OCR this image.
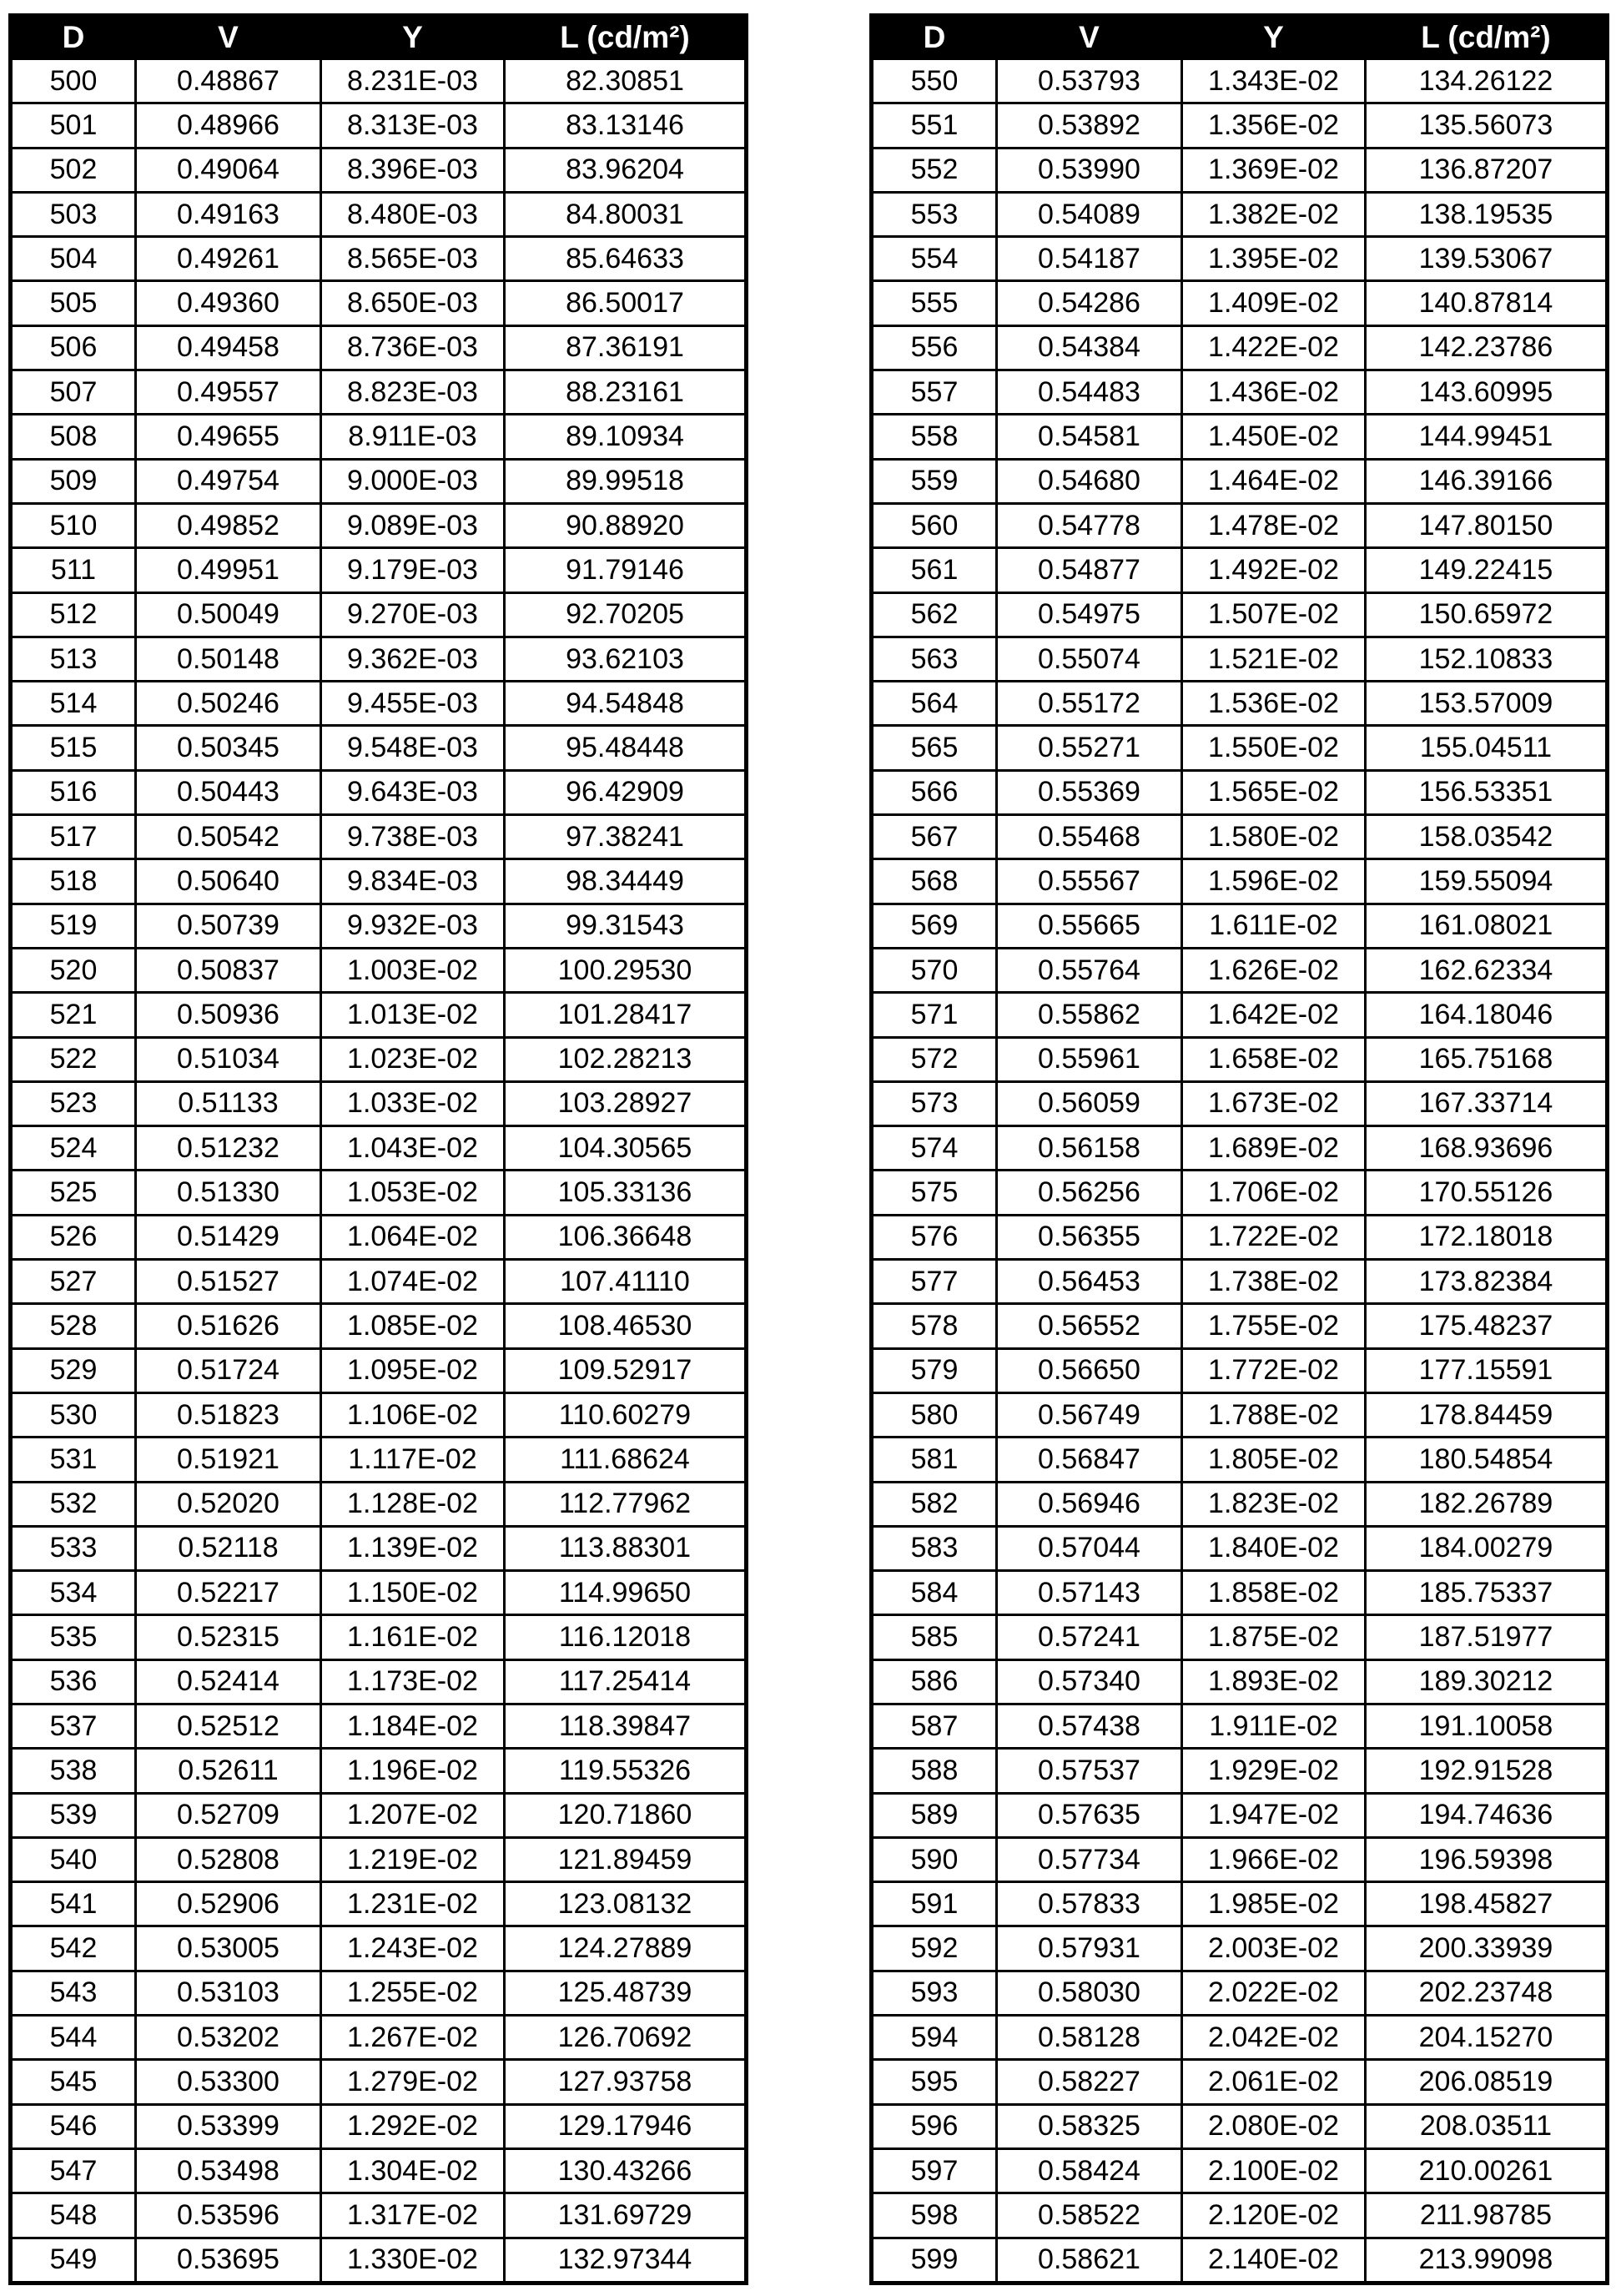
D	V	Y	L (cd/m²)
500	0.48867	8.231E-03	82.30851
501	0.48966	8.313E-03	83.13146
502	0.49064	8.396E-03	83.96204
503	0.49163	8.480E-03	84.80031
504	0.49261	8.565E-03	85.64633
505	0.49360	8.650E-03	86.50017
506	0.49458	8.736E-03	87.36191
507	0.49557	8.823E-03	88.23161
508	0.49655	8.911E-03	89.10934
509	0.49754	9.000E-03	89.99518
510	0.49852	9.089E-03	90.88920
511	0.49951	9.179E-03	91.79146
512	0.50049	9.270E-03	92.70205
513	0.50148	9.362E-03	93.62103
514	0.50246	9.455E-03	94.54848
515	0.50345	9.548E-03	95.48448
516	0.50443	9.643E-03	96.42909
517	0.50542	9.738E-03	97.38241
518	0.50640	9.834E-03	98.34449
519	0.50739	9.932E-03	99.31543
520	0.50837	1.003E-02	100.29530
521	0.50936	1.013E-02	101.28417
522	0.51034	1.023E-02	102.28213
523	0.51133	1.033E-02	103.28927
524	0.51232	1.043E-02	104.30565
525	0.51330	1.053E-02	105.33136
526	0.51429	1.064E-02	106.36648
527	0.51527	1.074E-02	107.41110
528	0.51626	1.085E-02	108.46530
529	0.51724	1.095E-02	109.52917
530	0.51823	1.106E-02	110.60279
531	0.51921	1.117E-02	111.68624
532	0.52020	1.128E-02	112.77962
533	0.52118	1.139E-02	113.88301
534	0.52217	1.150E-02	114.99650
535	0.52315	1.161E-02	116.12018
536	0.52414	1.173E-02	117.25414
537	0.52512	1.184E-02	118.39847
538	0.52611	1.196E-02	119.55326
539	0.52709	1.207E-02	120.71860
540	0.52808	1.219E-02	121.89459
541	0.52906	1.231E-02	123.08132
542	0.53005	1.243E-02	124.27889
543	0.53103	1.255E-02	125.48739
544	0.53202	1.267E-02	126.70692
545	0.53300	1.279E-02	127.93758
546	0.53399	1.292E-02	129.17946
547	0.53498	1.304E-02	130.43266
548	0.53596	1.317E-02	131.69729
549	0.53695	1.330E-02	132.97344
D	V	Y	L (cd/m²)
550	0.53793	1.343E-02	134.26122
551	0.53892	1.356E-02	135.56073
552	0.53990	1.369E-02	136.87207
553	0.54089	1.382E-02	138.19535
554	0.54187	1.395E-02	139.53067
555	0.54286	1.409E-02	140.87814
556	0.54384	1.422E-02	142.23786
557	0.54483	1.436E-02	143.60995
558	0.54581	1.450E-02	144.99451
559	0.54680	1.464E-02	146.39166
560	0.54778	1.478E-02	147.80150
561	0.54877	1.492E-02	149.22415
562	0.54975	1.507E-02	150.65972
563	0.55074	1.521E-02	152.10833
564	0.55172	1.536E-02	153.57009
565	0.55271	1.550E-02	155.04511
566	0.55369	1.565E-02	156.53351
567	0.55468	1.580E-02	158.03542
568	0.55567	1.596E-02	159.55094
569	0.55665	1.611E-02	161.08021
570	0.55764	1.626E-02	162.62334
571	0.55862	1.642E-02	164.18046
572	0.55961	1.658E-02	165.75168
573	0.56059	1.673E-02	167.33714
574	0.56158	1.689E-02	168.93696
575	0.56256	1.706E-02	170.55126
576	0.56355	1.722E-02	172.18018
577	0.56453	1.738E-02	173.82384
578	0.56552	1.755E-02	175.48237
579	0.56650	1.772E-02	177.15591
580	0.56749	1.788E-02	178.84459
581	0.56847	1.805E-02	180.54854
582	0.56946	1.823E-02	182.26789
583	0.57044	1.840E-02	184.00279
584	0.57143	1.858E-02	185.75337
585	0.57241	1.875E-02	187.51977
586	0.57340	1.893E-02	189.30212
587	0.57438	1.911E-02	191.10058
588	0.57537	1.929E-02	192.91528
589	0.57635	1.947E-02	194.74636
590	0.57734	1.966E-02	196.59398
591	0.57833	1.985E-02	198.45827
592	0.57931	2.003E-02	200.33939
593	0.58030	2.022E-02	202.23748
594	0.58128	2.042E-02	204.15270
595	0.58227	2.061E-02	206.08519
596	0.58325	2.080E-02	208.03511
597	0.58424	2.100E-02	210.00261
598	0.58522	2.120E-02	211.98785
599	0.58621	2.140E-02	213.99098
